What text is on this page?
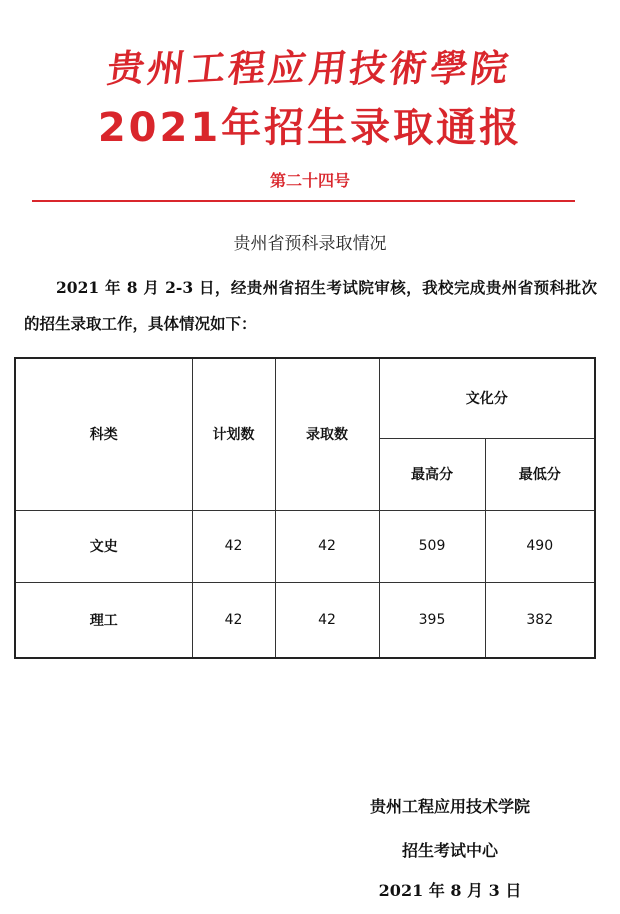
贵
州
工
程
应
用
技
術
學
院
2021年招生录取通报
第二十四号
贵州省预科录取情况
2021 年 8 月 2-3 日，经贵州省招生考试院审核，我校完成贵州省预科批次的招生录取工作，具体情况如下：
科类	计划数	录取数	文化分	
			最高分	最低分
文史	42	42	509	490
理工	42	42	395	382
贵州工程应用技术学院
招生考试中心
2021 年 8 月 3 日
